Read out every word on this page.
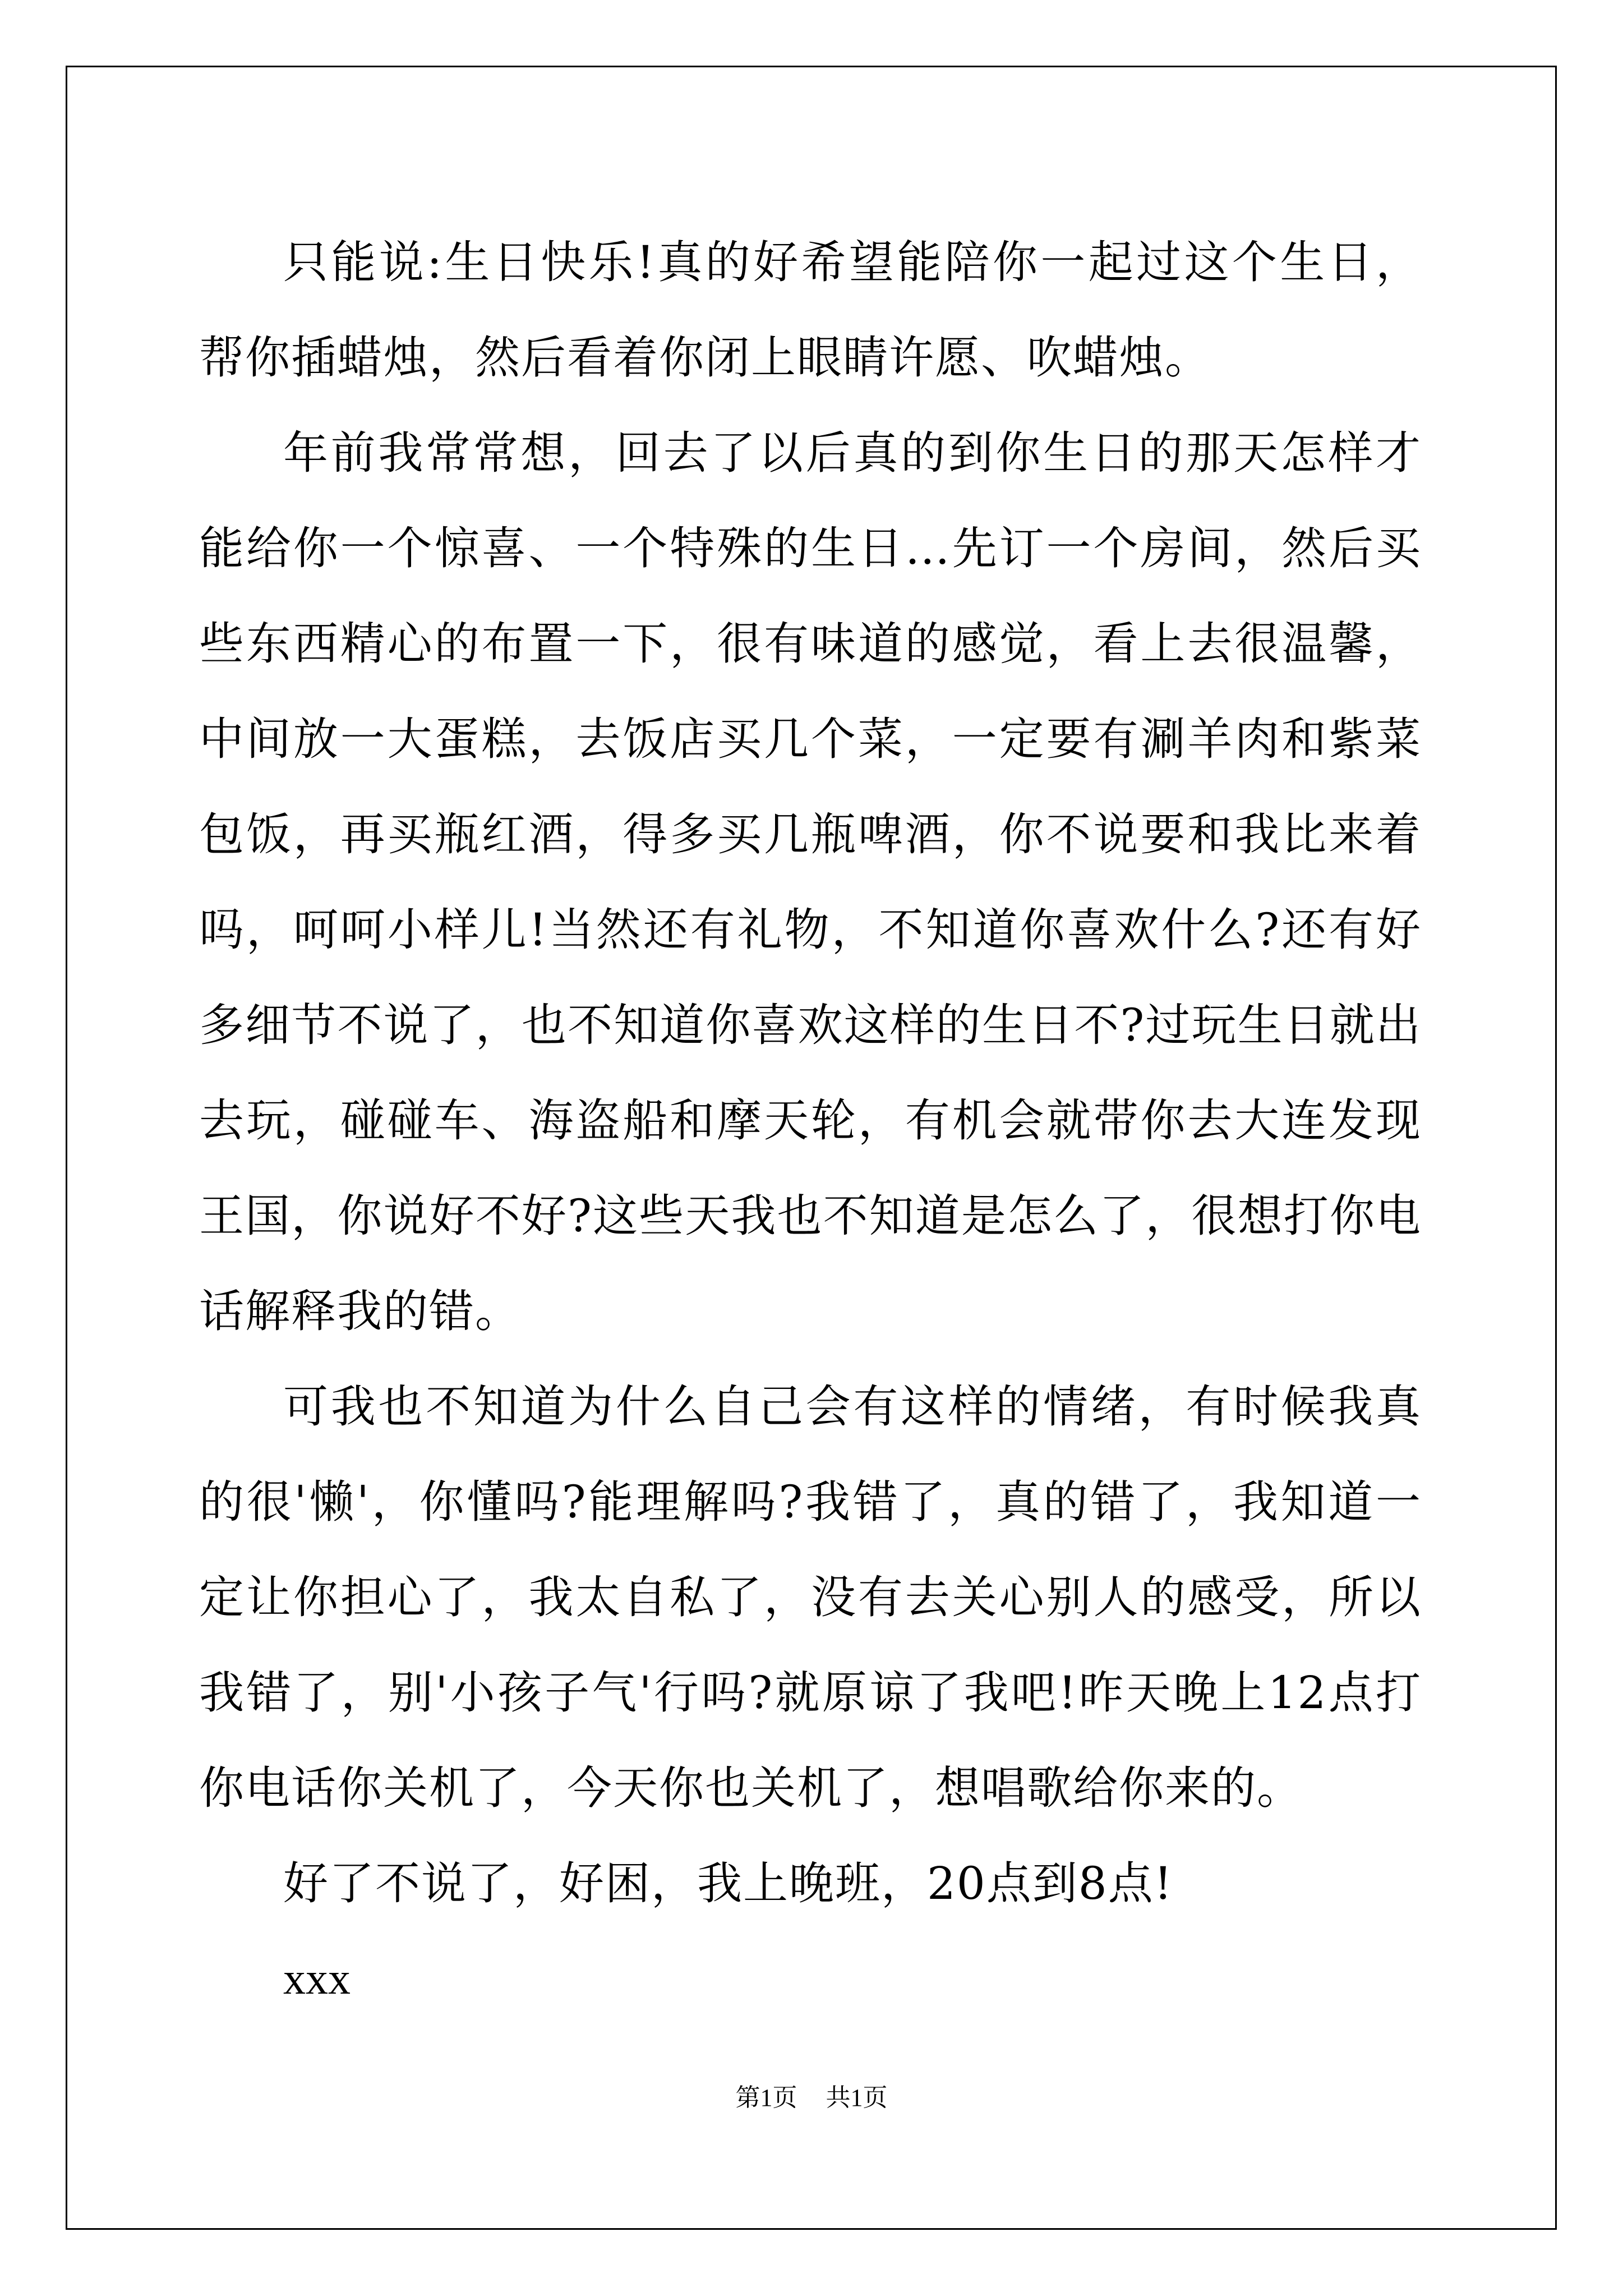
只能说:生日快乐!真的好希望能陪你一起过这个生日，帮你插蜡烛，然后看着你闭上眼睛许愿、吹蜡烛。

年前我常常想，回去了以后真的到你生日的那天怎样才能给你一个惊喜、一个特殊的生日…先订一个房间，然后买些东西精心的布置一下，很有味道的感觉，看上去很温馨，中间放一大蛋糕，去饭店买几个菜，一定要有涮羊肉和紫菜包饭，再买瓶红酒，得多买几瓶啤酒，你不说要和我比来着吗，呵呵小样儿!当然还有礼物，不知道你喜欢什么?还有好多细节不说了，也不知道你喜欢这样的生日不?过玩生日就出去玩，碰碰车、海盗船和摩天轮，有机会就带你去大连发现王国，你说好不好?这些天我也不知道是怎么了，很想打你电话解释我的错。

可我也不知道为什么自己会有这样的情绪，有时候我真的很'懒'，你懂吗?能理解吗?我错了，真的错了，我知道一定让你担心了，我太自私了，没有去关心别人的感受，所以我错了，别'小孩子气'行吗?就原谅了我吧!昨天晚上12点打你电话你关机了，今天你也关机了，想唱歌给你来的。

好了不说了，好困，我上晚班，20点到8点!

xxx

第1页 共1页
